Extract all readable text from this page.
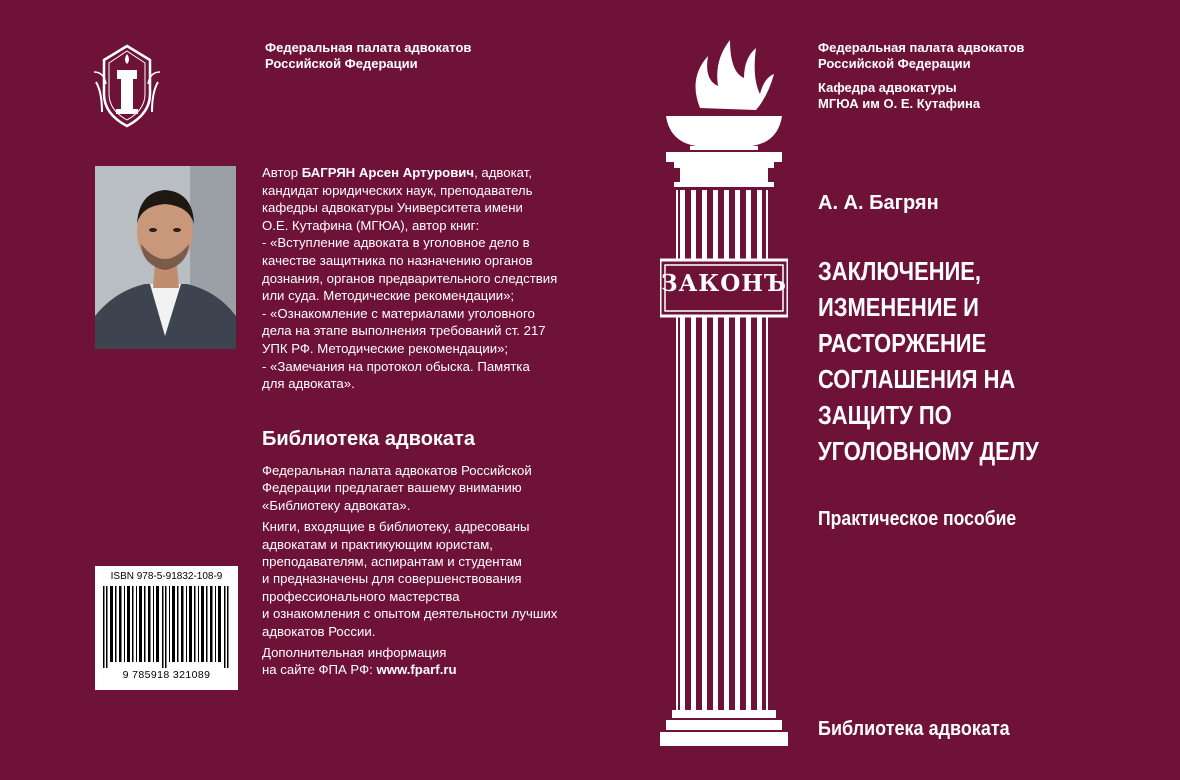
Федеральная палата адвокатов
Российской Федерации

Автор БАГРЯН Арсен Артурович, адвокат,

кандидат юридических наук, преподаватель

кафедры адвокатуры Университета имени

О.Е. Кутафина (МГЮА), автор книг:

- «Вступление адвоката в уголовное дело в

качестве защитника по назначению органов

дознания, органов предварительного следствия

или суда. Методические рекомендации»;

- «Ознакомление с материалами уголовного

дела на этапе выполнения требований ст. 217

УПК РФ. Методические рекомендации»;

- «Замечания на протокол обыска. Памятка

для адвоката».

Библиотека адвоката

Федеральная палата адвокатов Российской
Федерации предлагает вашему вниманию
«Библиотеку адвоката».

Книги, входящие в библиотеку, адресованы
адвокатам и практикующим юристам,
преподавателям, аспирантам и студентам
и предназначены для совершенствования
профессионального мастерства
и ознакомления с опытом деятельности лучших
адвокатов России.

Дополнительная информация
на сайте ФПА РФ: www.fparf.ru

ISBN 978-5-91832-108-9
9 785918 321089
ЗАКОНЪ

Федеральная палата адвокатов
Российской Федерации

Кафедра адвокатуры
МГЮА им О. Е. Кутафина

А. А. Багрян
ЗАКЛЮЧЕНИЕ,
ИЗМЕНЕНИЕ И
РАСТОРЖЕНИЕ
СОГЛАШЕНИЯ НА
ЗАЩИТУ ПО
УГОЛОВНОМУ ДЕЛУ
Практическое пособие
Библиотека адвоката
